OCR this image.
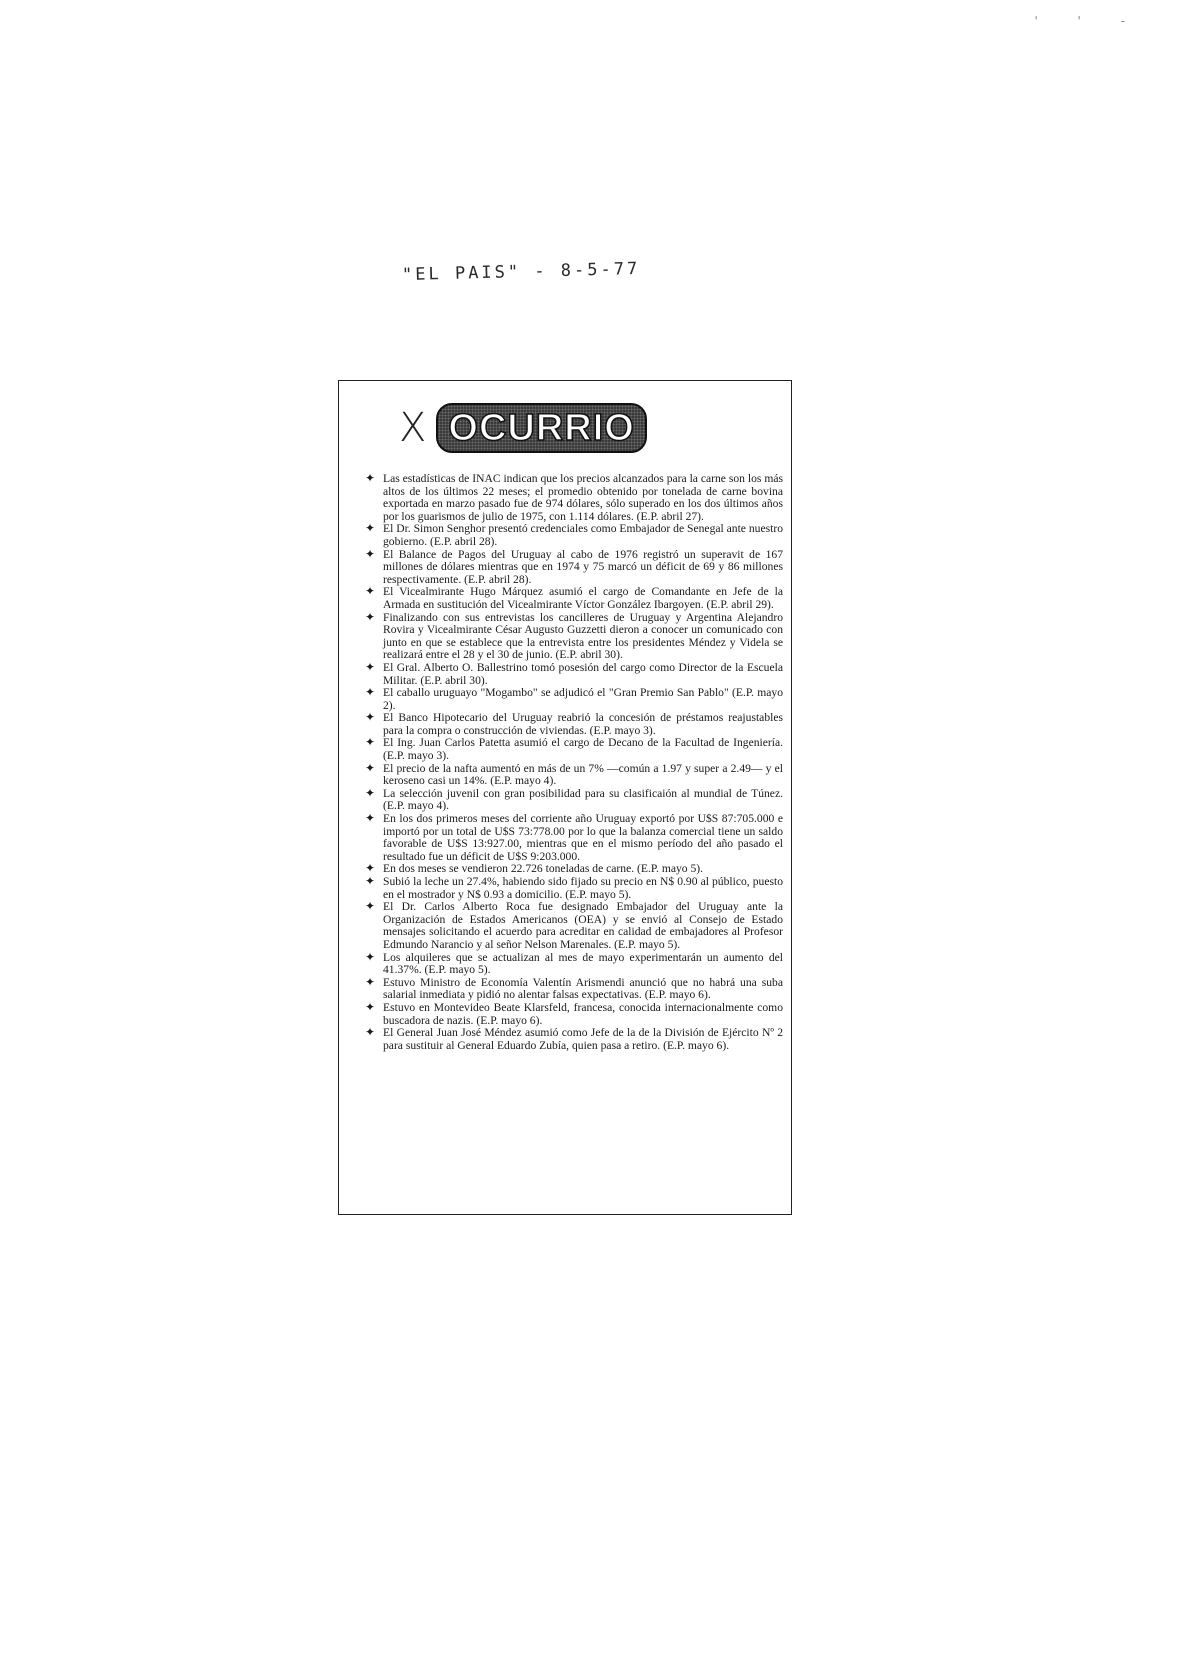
' ' -
"EL PAIS" - 8-5-77
X OCURRIO
✦ Las estadísticas de INAC indican que los precios alcanzados para la carne son los más altos de los últimos 22 meses; el promedio obtenido por tonelada de carne bovina exportada en marzo pasado fue de 974 dólares, sólo superado en los dos últimos años por los guarismos de julio de 1975, con 1.114 dólares. (E.P. abril 27).
✦ El Dr. Simon Senghor presentó credenciales como Embajador de Senegal ante nuestro gobierno. (E.P. abril 28).
✦ El Balance de Pagos del Uruguay al cabo de 1976 registró un superavit de 167 millones de dólares mientras que en 1974 y 75 marcó un déficit de 69 y 86 millones respectivamente. (E.P. abril 28).
✦ El Vicealmirante Hugo Márquez asumió el cargo de Comandante en Jefe de la Armada en sustitución del Vicealmirante Víctor González Ibargoyen. (E.P. abril 29).
✦ Finalizando con sus entrevistas los cancilleres de Uruguay y Argentina Alejandro Rovira y Vicealmirante César Augusto Guzzetti dieron a conocer un comunicado con junto en que se establece que la entrevista entre los presidentes Méndez y Videla se realizará entre el 28 y el 30 de junio. (E.P. abril 30).
✦ El Gral. Alberto O. Ballestrino tomó posesión del cargo como Director de la Escuela Militar. (E.P. abril 30).
✦ El caballo uruguayo "Mogambo" se adjudicó el "Gran Premio San Pablo" (E.P. mayo 2).
✦ El Banco Hipotecario del Uruguay reabrió la concesión de préstamos reajustables para la compra o construcción de viviendas. (E.P. mayo 3).
✦ El Ing. Juan Carlos Patetta asumió el cargo de Decano de la Facultad de Ingeniería. (E.P. mayo 3).
✦ El precio de la nafta aumentó en más de un 7% —común a 1.97 y super a 2.49— y el keroseno casi un 14%. (E.P. mayo 4).
✦ La selección juvenil con gran posibilidad para su clasificaión al mundial de Túnez. (E.P. mayo 4).
✦ En los dos primeros meses del corriente año Uruguay exportó por U$S 87:705.000 e importó por un total de U$S 73:778.00 por lo que la balanza comercial tiene un saldo favorable de U$S 13:927.00, mientras que en el mismo período del año pasado el resultado fue un déficit de U$S 9:203.000.
✦ En dos meses se vendieron 22.726 toneladas de carne. (E.P. mayo 5).
✦ Subió la leche un 27.4%, habiendo sido fijado su precio en N$ 0.90 al público, puesto en el mostrador y N$ 0.93 a domicilio. (E.P. mayo 5).
✦ El Dr. Carlos Alberto Roca fue designado Embajador del Uruguay ante la Organización de Estados Americanos (OEA) y se envió al Consejo de Estado mensajes solicitando el acuerdo para acreditar en calidad de embajadores al Profesor Edmundo Narancio y al señor Nelson Marenales. (E.P. mayo 5).
✦ Los alquileres que se actualizan al mes de mayo experimentarán un aumento del 41.37%. (E.P. mayo 5).
✦ Estuvo Ministro de Economía Valentín Arismendi anunció que no habrá una suba salarial inmediata y pidió no alentar falsas expectativas. (E.P. mayo 6).
✦ Estuvo en Montevideo Beate Klarsfeld, francesa, conocida internacionalmente como buscadora de nazis. (E.P. mayo 6).
✦ El General Juan José Méndez asumió como Jefe de la de la División de Ejército Nº 2 para sustituir al General Eduardo Zubía, quien pasa a retiro. (E.P. mayo 6).
